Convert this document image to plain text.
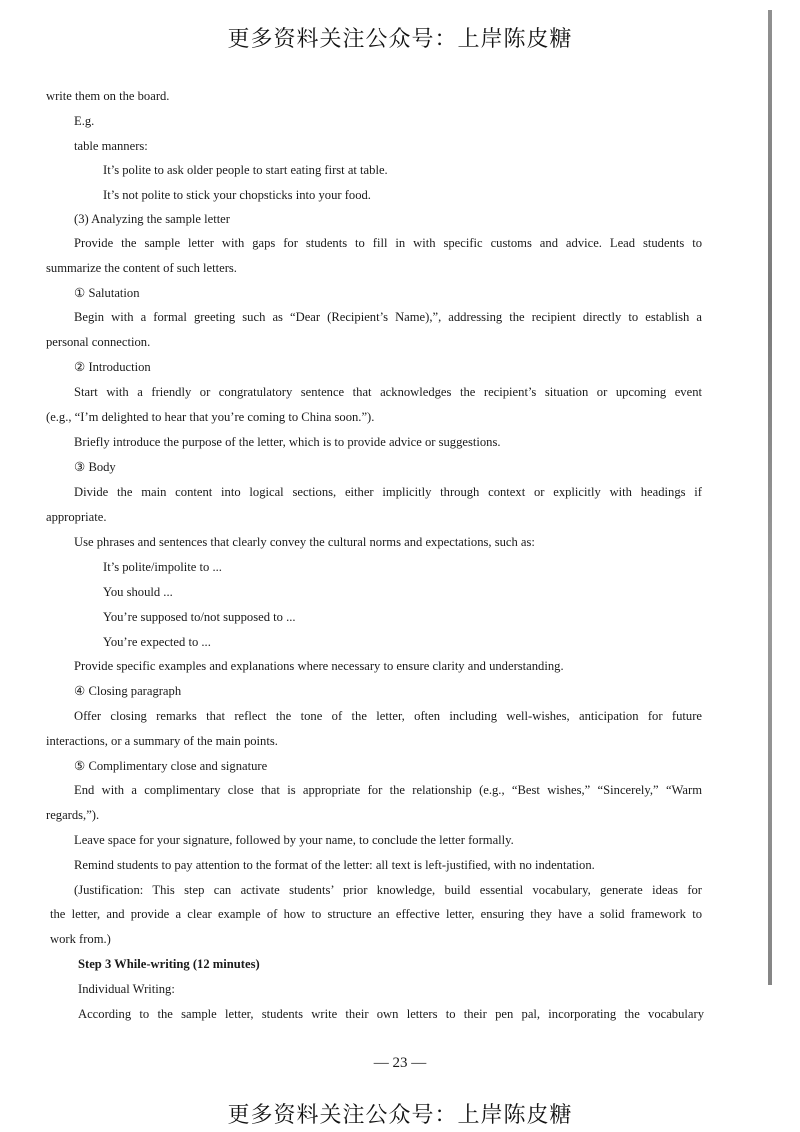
更多资料关注公众号：上岸陈皮糖
write them on the board.
E.g.
table manners:
It’s polite to ask older people to start eating first at table.
It’s not polite to stick your chopsticks into your food.
(3) Analyzing the sample letter
Provide the sample letter with gaps for students to fill in with specific customs and advice. Lead students to
summarize the content of such letters.
① Salutation
Begin with a formal greeting such as “Dear (Recipient’s Name),”, addressing the recipient directly to establish a
personal connection.
② Introduction
Start with a friendly or congratulatory sentence that acknowledges the recipient’s situation or upcoming event
(e.g., “I’m delighted to hear that you’re coming to China soon.”).
Briefly introduce the purpose of the letter, which is to provide advice or suggestions.
③ Body
Divide the main content into logical sections, either implicitly through context or explicitly with headings if
appropriate.
Use phrases and sentences that clearly convey the cultural norms and expectations, such as:
It’s polite/impolite to ...
You should ...
You’re supposed to/not supposed to ...
You’re expected to ...
Provide specific examples and explanations where necessary to ensure clarity and understanding.
④ Closing paragraph
Offer closing remarks that reflect the tone of the letter, often including well-wishes, anticipation for future
interactions, or a summary of the main points.
⑤ Complimentary close and signature
End with a complimentary close that is appropriate for the relationship (e.g., “Best wishes,” “Sincerely,” “Warm
regards,”).
Leave space for your signature, followed by your name, to conclude the letter formally.
Remind students to pay attention to the format of the letter: all text is left-justified, with no indentation.
(Justification: This step can activate students’ prior knowledge, build essential vocabulary, generate ideas for
the letter, and provide a clear example of how to structure an effective letter, ensuring they have a solid framework to
work from.)
Step 3 While-writing (12 minutes)
Individual Writing:
According to the sample letter, students write their own letters to their pen pal, incorporating the vocabulary
— 23 —
更多资料关注公众号：上岸陈皮糖
